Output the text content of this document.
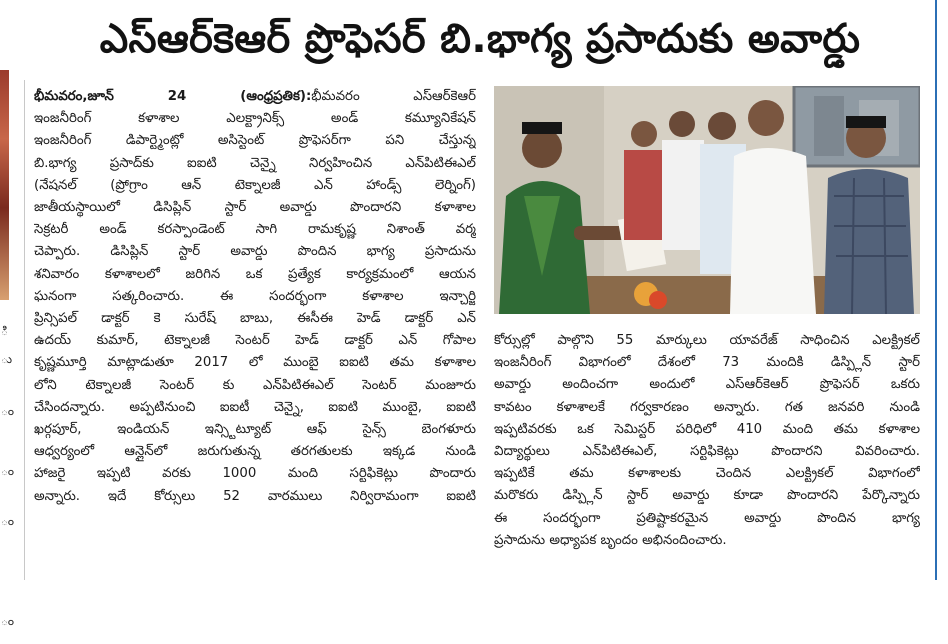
ి
ు
ం
ం
ం
ం
ఎస్‌ఆర్‌కెఆర్‌ ప్రొఫెసర్‌ బి.భాగ్య ప్రసాదుకు అవార్డు

భీమవరం,జూన్‌ 24 (ఆంధ్రప్రతిక):భీమవరం ఎస్‌ఆర్‌కెఆర్‌

ఇంజనీరింగ్‌ కళాశాల ఎలక్ట్రానిక్స్‌ అండ్‌ కమ్యూనికేషన్‌

ఇంజనీరింగ్‌ డిపార్ట్మెంట్లో అసిస్టెంట్‌ ప్రొఫెసర్‌గా పని చేస్తున్న

బి.భాగ్య ప్రసాద్‌కు ఐఐటి చెన్నై నిర్వహించిన ఎన్‌పిటిఈఎల్‌

(నేషనల్‌ (ప్రోగ్రాం ఆన్‌ టెక్నాలజీ ఎన్‌ హాండ్స్‌ లెర్నింగ్‌)

జాతీయస్థాయిలో డిసిప్లిన్‌ స్టార్‌ అవార్డు పొందారని కళాశాల

సెక్రటరీ అండ్‌ కరస్పాండెంట్‌ సాగి రామకృష్ణ నిశాంత్‌ వర్మ

చెప్పారు. డిసిప్లిన్‌ స్టార్‌ అవార్డు పొందిన భాగ్య ప్రసాదును

శనివారం కళాశాలలో జరిగిన ఒక ప్రత్యేక కార్యక్రమంలో ఆయన

ఘనంగా సత్కరించారు. ఈ సందర్భంగా కళాశాల ఇన్చార్జి

ప్రిన్సిపల్‌ డాక్టర్‌ కె సురేష్‌ బాబు, ఈసీఈ హెడ్‌ డాక్టర్‌ ఎన్‌

ఉదయ్‌ కుమార్‌, టెక్నాలజీ సెంటర్‌ హెడ్‌ డాక్టర్‌ ఎన్‌ గోపాల

కృష్ణమూర్తి మాట్లాడుతూ 2017 లో ముంబై ఐఐటి తమ కళాశాల

లోని టెక్నాలజీ సెంటర్‌ కు ఎన్‌పిటిఈఎల్‌ సెంటర్‌ మంజూరు

చేసిందన్నారు. అప్పటినుంచి ఐఐటీ చెన్నై, ఐఐటి ముంబై, ఐఐటి

ఖర్గపూర్‌, ఇండియన్‌ ఇన్స్టిట్యూట్‌ ఆఫ్‌ సైన్స్‌ బెంగళూరు

ఆధ్వర్యంలో ఆన్లైన్‌లో జరుగుతున్న తరగతులకు ఇక్కడ నుండి

హాజరై ఇప్పటి వరకు 1000 మంది సర్టిఫికెట్లు పొందారు

అన్నారు. ఇదే కోర్సులు 52 వారములు నిర్విరామంగా ఐఐటి

కోర్సుల్లో పాల్గొని 55 మార్కులు యావరేజ్‌ సాధించిన ఎలక్ట్రికల్‌

ఇంజనీరింగ్‌ విభాగంలో దేశంలో 73 మందికి డిస్ప్లిన్‌ స్టార్‌

అవార్డు అందించగా అందులో ఎస్‌ఆర్‌కెఆర్‌ ప్రొఫెసర్‌ ఒకరు

కావటం కళాశాలకే గర్వకారణం అన్నారు. గత జనవరి నుండి

ఇప్పటివరకు ఒక సెమిస్టర్‌ పరిధిలో 410 మంది తమ కళాశాల

విద్యార్థులు ఎన్‌పిటిఈఎల్‌, సర్టిఫికెట్లు పొందారని వివరించారు.

ఇప్పటికే తమ కళాశాలకు చెందిన ఎలక్ట్రికల్‌ విభాగంలో

మరొకరు డిస్ప్లిన్‌ స్టార్‌ అవార్డు కూడా పొందారని పేర్కొన్నారు

ఈ సందర్భంగా ప్రతిష్టాకరమైన అవార్డు పొందిన భాగ్య

ప్రసాదును అధ్యాపక బృందం అభినందించారు.
